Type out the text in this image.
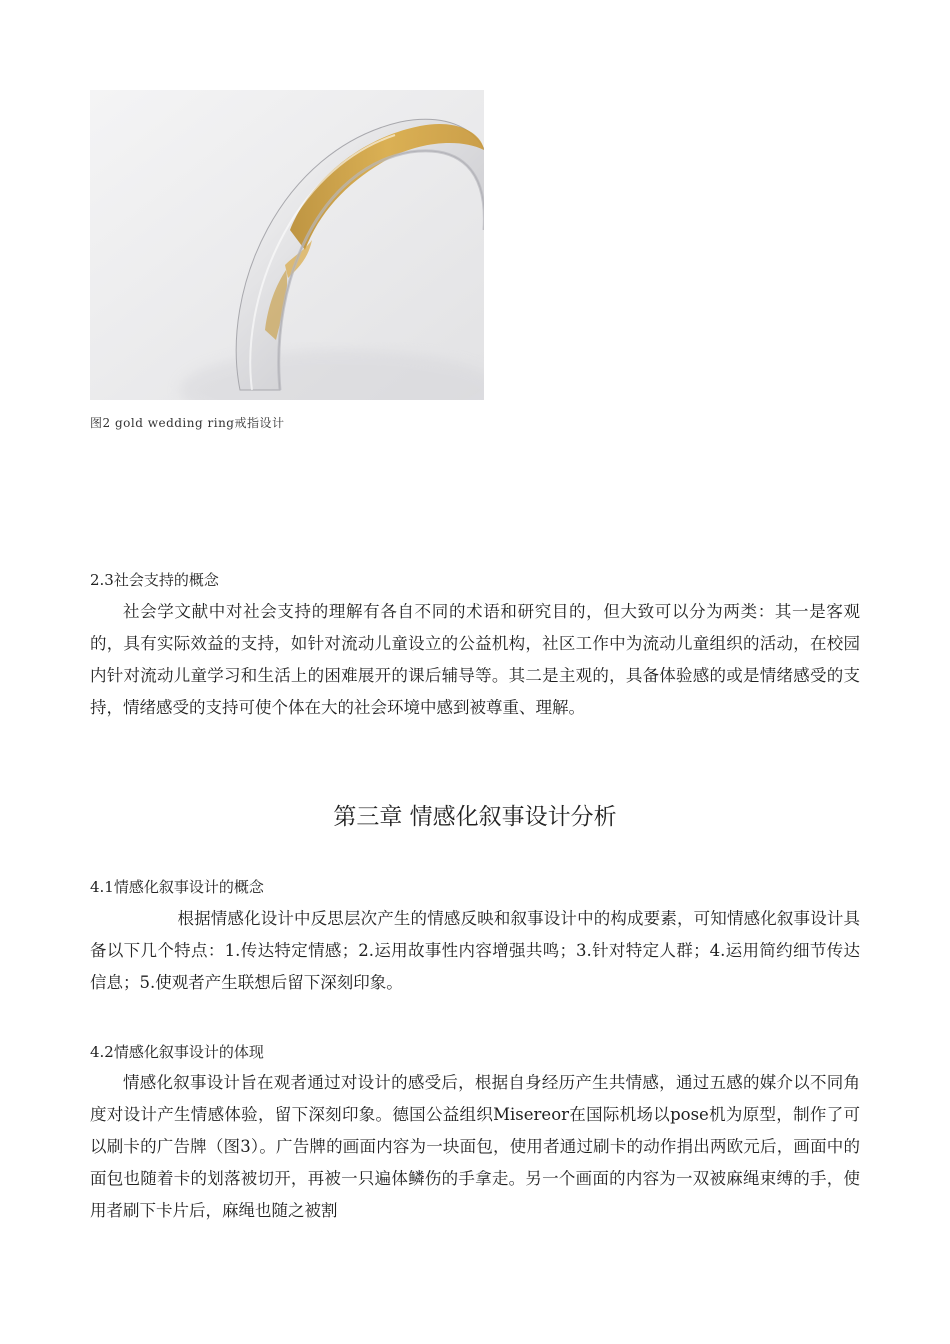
图2 gold wedding ring戒指设计
2.3社会支持的概念

社会学文献中对社会支持的理解有各自不同的术语和研究目的，但大致可以分为两类：其一是客观的，具有实际效益的支持，如针对流动儿童设立的公益机构，社区工作中为流动儿童组织的活动，在校园内针对流动儿童学习和生活上的困难展开的课后辅导等。其二是主观的，具备体验感的或是情绪感受的支持，情绪感受的支持可使个体在大的社会环境中感到被尊重、理解。

第三章 情感化叙事设计分析
4.1情感化叙事设计的概念

根据情感化设计中反思层次产生的情感反映和叙事设计中的构成要素，可知情感化叙事设计具备以下几个特点：1.传达特定情感；2.运用故事性内容增强共鸣；3.针对特定人群；4.运用简约细节传达信息；5.使观者产生联想后留下深刻印象。

4.2情感化叙事设计的体现

情感化叙事设计旨在观者通过对设计的感受后，根据自身经历产生共情感，通过五感的媒介以不同角度对设计产生情感体验，留下深刻印象。德国公益组织Misereor在国际机场以pose机为原型，制作了可以刷卡的广告牌（图3）。广告牌的画面内容为一块面包，使用者通过刷卡的动作捐出两欧元后，画面中的面包也随着卡的划落被切开，再被一只遍体鳞伤的手拿走。另一个画面的内容为一双被麻绳束缚的手，使用者刷下卡片后，麻绳也随之被割
